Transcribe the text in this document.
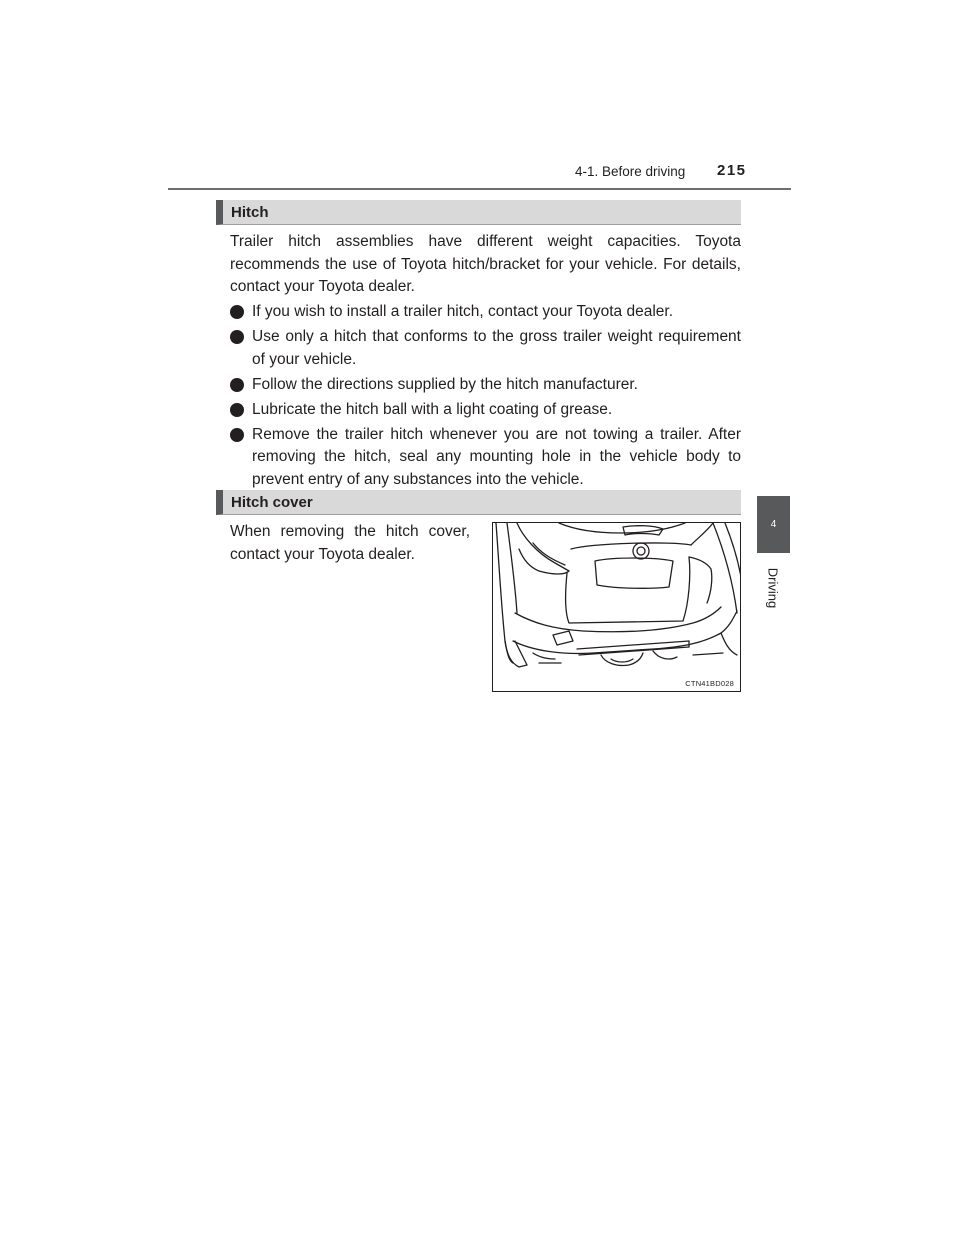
4-1. Before driving 215
4
Driving
Hitch

Trailer hitch assemblies have different weight capacities. Toyota recommends the use of Toyota hitch/bracket for your vehicle. For details, contact your Toyota dealer.

If you wish to install a trailer hitch, contact your Toyota dealer.
Use only a hitch that conforms to the gross trailer weight requirement of your vehicle.
Follow the directions supplied by the hitch manufacturer.
Lubricate the hitch ball with a light coating of grease.
Remove the trailer hitch whenever you are not towing a trailer. After removing the hitch, seal any mounting hole in the vehicle body to prevent entry of any substances into the vehicle.
Hitch cover
When removing the hitch cover, contact your Toyota dealer.
CTN41BD028
